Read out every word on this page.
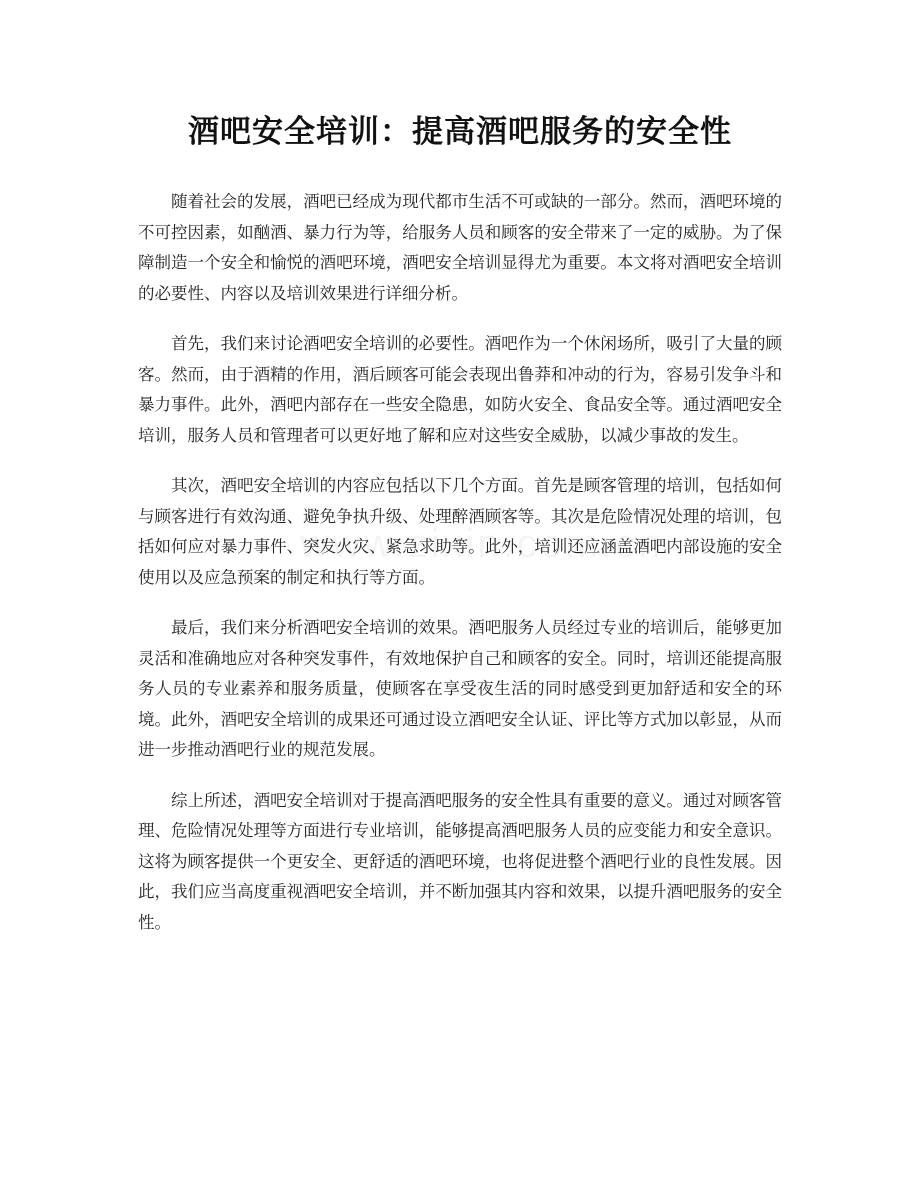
酒吧安全培训：提高酒吧服务的安全性

随着社会的发展，酒吧已经成为现代都市生活不可或缺的一部分。然而，酒吧环境的不可控因素，如酗酒、暴力行为等，给服务人员和顾客的安全带来了一定的威胁。为了保障制造一个安全和愉悦的酒吧环境，酒吧安全培训显得尤为重要。本文将对酒吧安全培训的必要性、内容以及培训效果进行详细分析。

首先，我们来讨论酒吧安全培训的必要性。酒吧作为一个休闲场所，吸引了大量的顾客。然而，由于酒精的作用，酒后顾客可能会表现出鲁莽和冲动的行为，容易引发争斗和暴力事件。此外，酒吧内部存在一些安全隐患，如防火安全、食品安全等。通过酒吧安全培训，服务人员和管理者可以更好地了解和应对这些安全威胁，以减少事故的发生。

其次，酒吧安全培训的内容应包括以下几个方面。首先是顾客管理的培训，包括如何与顾客进行有效沟通、避免争执升级、处理醉酒顾客等。其次是危险情况处理的培训，包括如何应对暴力事件、突发火灾、紧急求助等。此外，培训还应涵盖酒吧内部设施的安全使用以及应急预案的制定和执行等方面。

最后，我们来分析酒吧安全培训的效果。酒吧服务人员经过专业的培训后，能够更加灵活和准确地应对各种突发事件，有效地保护自己和顾客的安全。同时，培训还能提高服务人员的专业素养和服务质量，使顾客在享受夜生活的同时感受到更加舒适和安全的环境。此外，酒吧安全培训的成果还可通过设立酒吧安全认证、评比等方式加以彰显，从而进一步推动酒吧行业的规范发展。

综上所述，酒吧安全培训对于提高酒吧服务的安全性具有重要的意义。通过对顾客管理、危险情况处理等方面进行专业培训，能够提高酒吧服务人员的应变能力和安全意识。这将为顾客提供一个更安全、更舒适的酒吧环境，也将促进整个酒吧行业的良性发展。因此，我们应当高度重视酒吧安全培训，并不断加强其内容和效果，以提升酒吧服务的安全性。
